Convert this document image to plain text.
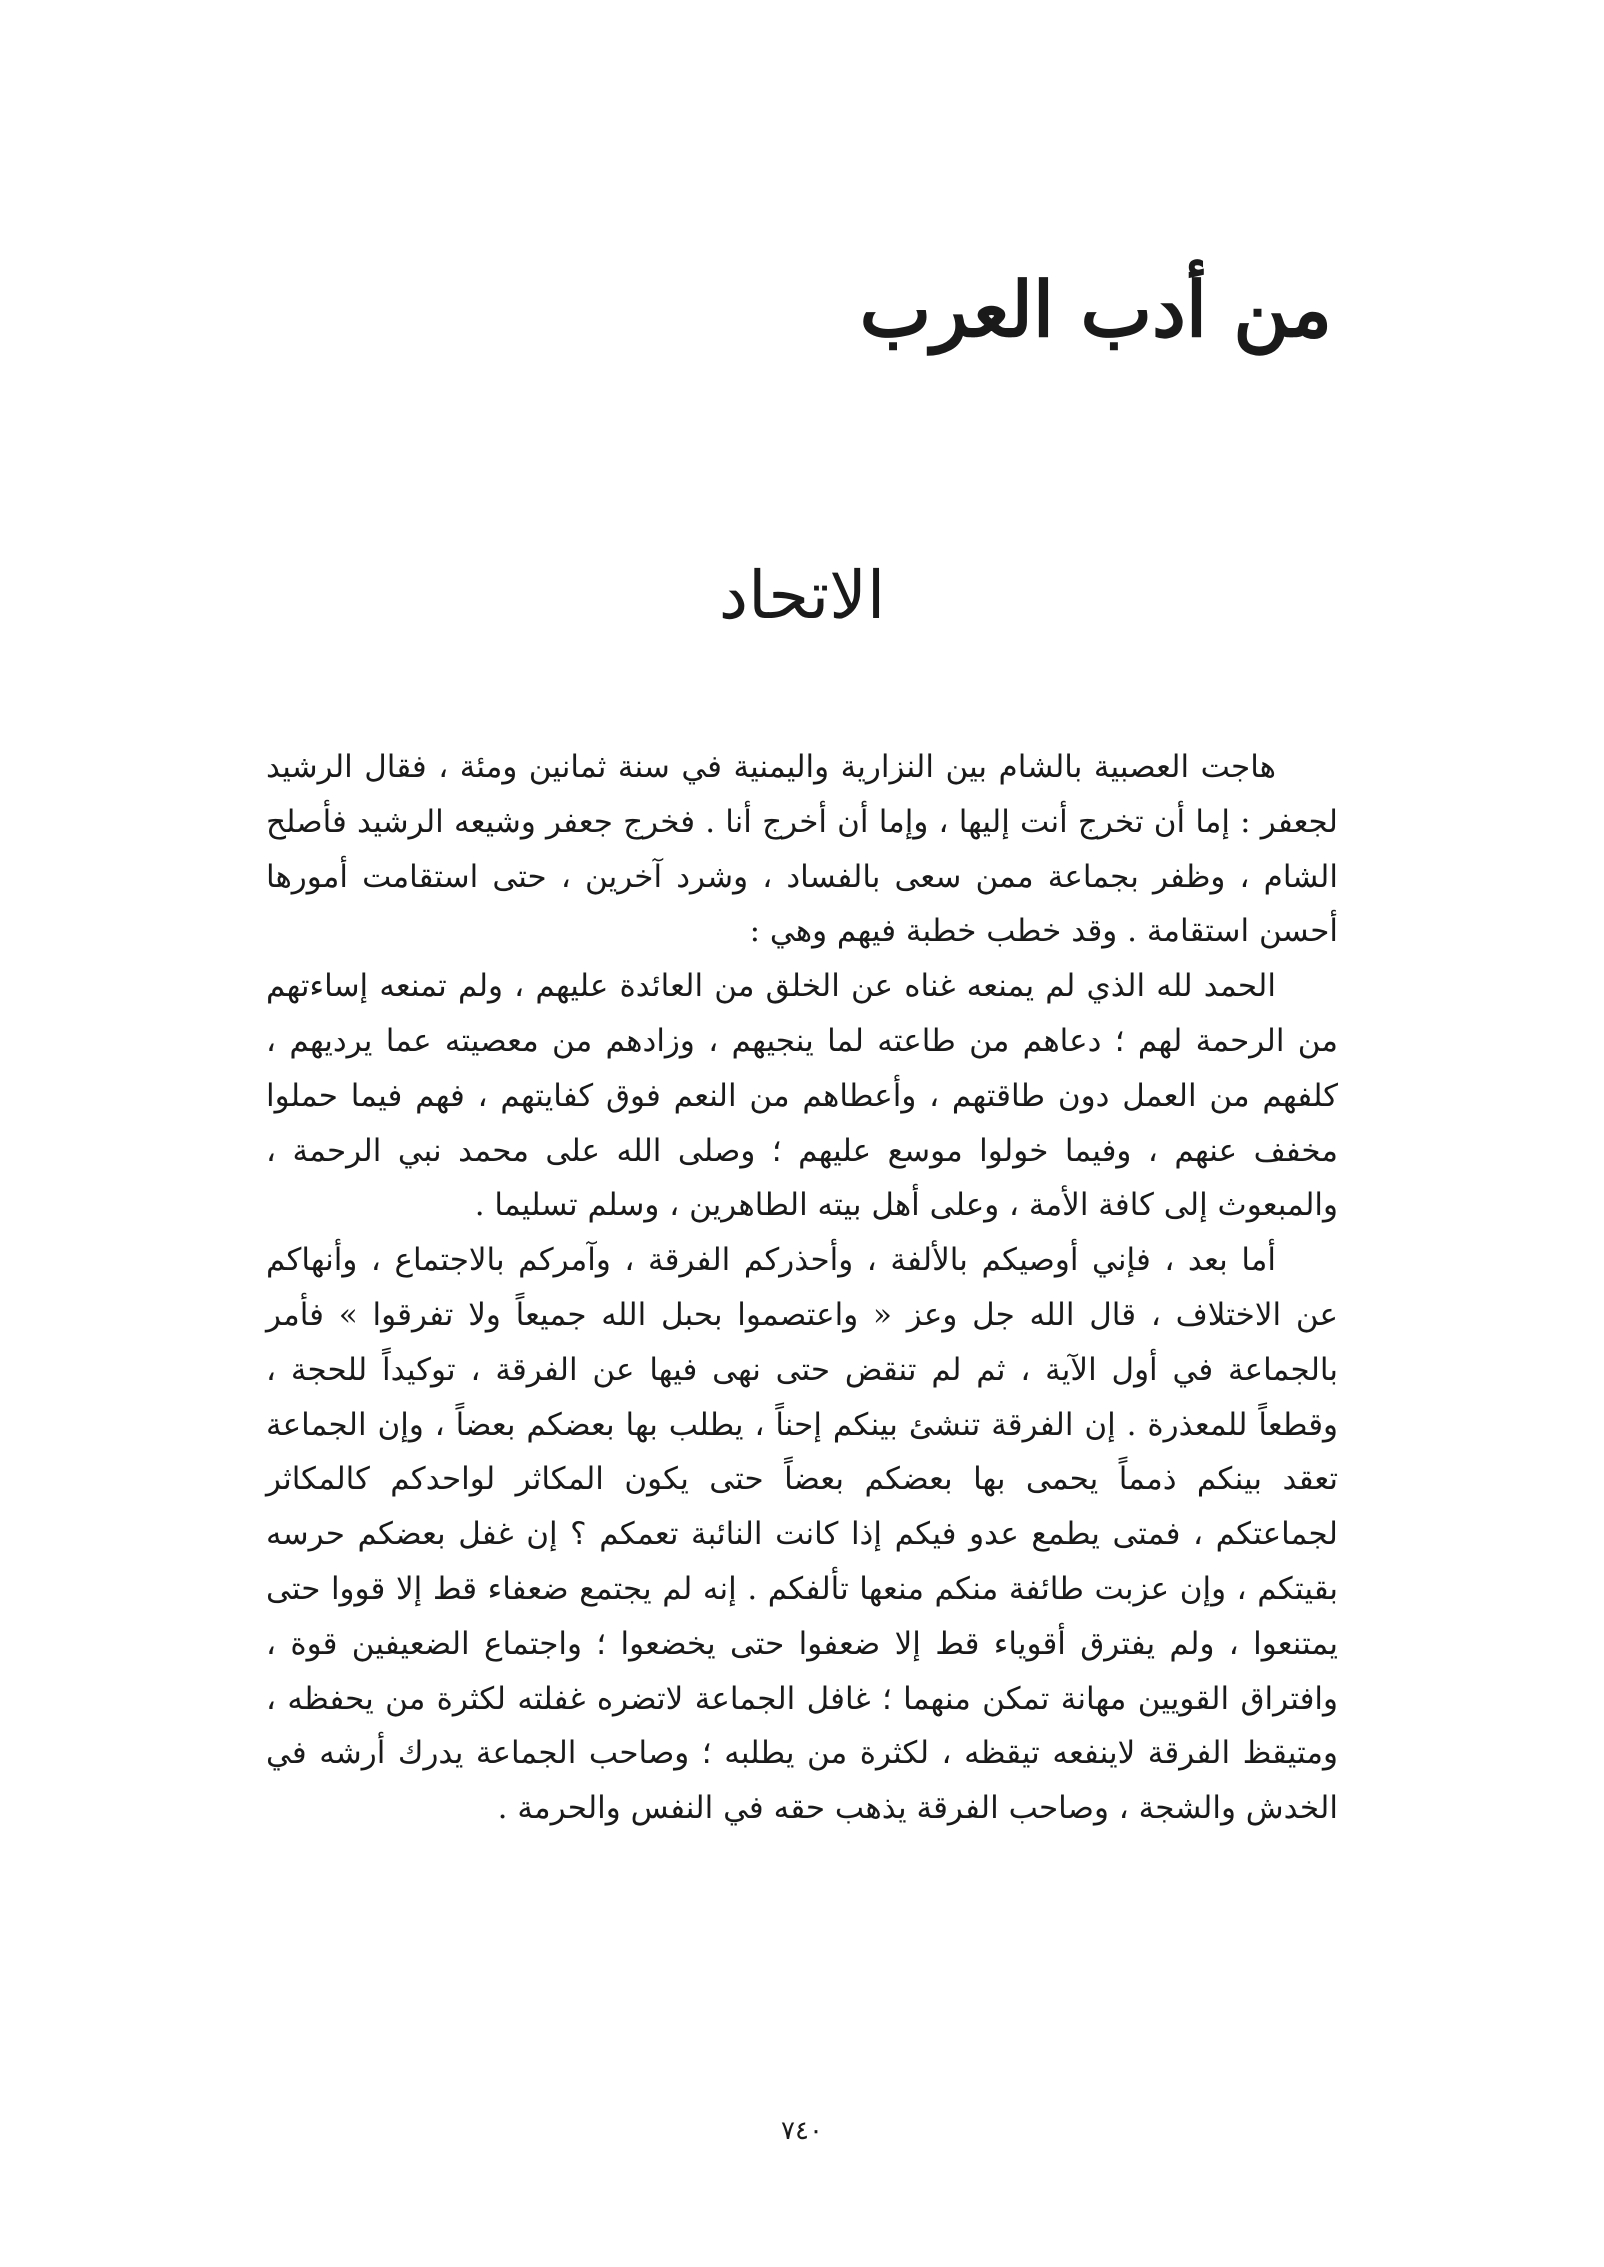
من أدب العرب
الاتحاد

هاجت العصبية بالشام بين النزارية واليمنية في سنة ثمانين ومئة ، فقال الرشيد لجعفر : إما أن تخرج أنت إليها ، وإما أن أخرج أنا . فخرج جعفر وشيعه الرشيد فأصلح الشام ، وظفر بجماعة ممن سعى بالفساد ، وشرد آخرين ، حتى استقامت أمورها أحسن استقامة . وقد خطب خطبة فيهم وهي :

الحمد لله الذي لم يمنعه غناه عن الخلق من العائدة عليهم ، ولم تمنعه إساءتهم من الرحمة لهم ؛ دعاهم من طاعته لما ينجيهم ، وزادهم من معصيته عما يرديهم ، كلفهم من العمل دون طاقتهم ، وأعطاهم من النعم فوق كفايتهم ، فهم فيما حملوا مخفف عنهم ، وفيما خولوا موسع عليهم ؛ وصلى الله على محمد نبي الرحمة ، والمبعوث إلى كافة الأمة ، وعلى أهل بيته الطاهرين ، وسلم تسليما .

أما بعد ، فإني أوصيكم بالألفة ، وأحذركم الفرقة ، وآمركم بالاجتماع ، وأنهاكم عن الاختلاف ، قال الله جل وعز « واعتصموا بحبل الله جميعاً ولا تفرقوا » فأمر بالجماعة في أول الآية ، ثم لم تنقض حتى نهى فيها عن الفرقة ، توكيداً للحجة ، وقطعاً للمعذرة . إن الفرقة تنشئ بينكم إحناً ، يطلب بها بعضكم بعضاً ، وإن الجماعة تعقد بينكم ذمماً يحمى بها بعضكم بعضاً حتى يكون المكاثر لواحدكم كالمكاثر لجماعتكم ، فمتى يطمع عدو فيكم إذا كانت النائبة تعمكم ؟ إن غفل بعضكم حرسه بقيتكم ، وإن عزبت طائفة منكم منعها تألفكم . إنه لم يجتمع ضعفاء قط إلا قووا حتى يمتنعوا ، ولم يفترق أقوياء قط إلا ضعفوا حتى يخضعوا ؛ واجتماع الضعيفين قوة ، وافتراق القويين مهانة تمكن منهما ؛ غافل الجماعة لاتضره غفلته لكثرة من يحفظه ، ومتيقظ الفرقة لاينفعه تيقظه ، لكثرة من يطلبه ؛ وصاحب الجماعة يدرك أرشه في الخدش والشجة ، وصاحب الفرقة يذهب حقه في النفس والحرمة .

٧٤٠
